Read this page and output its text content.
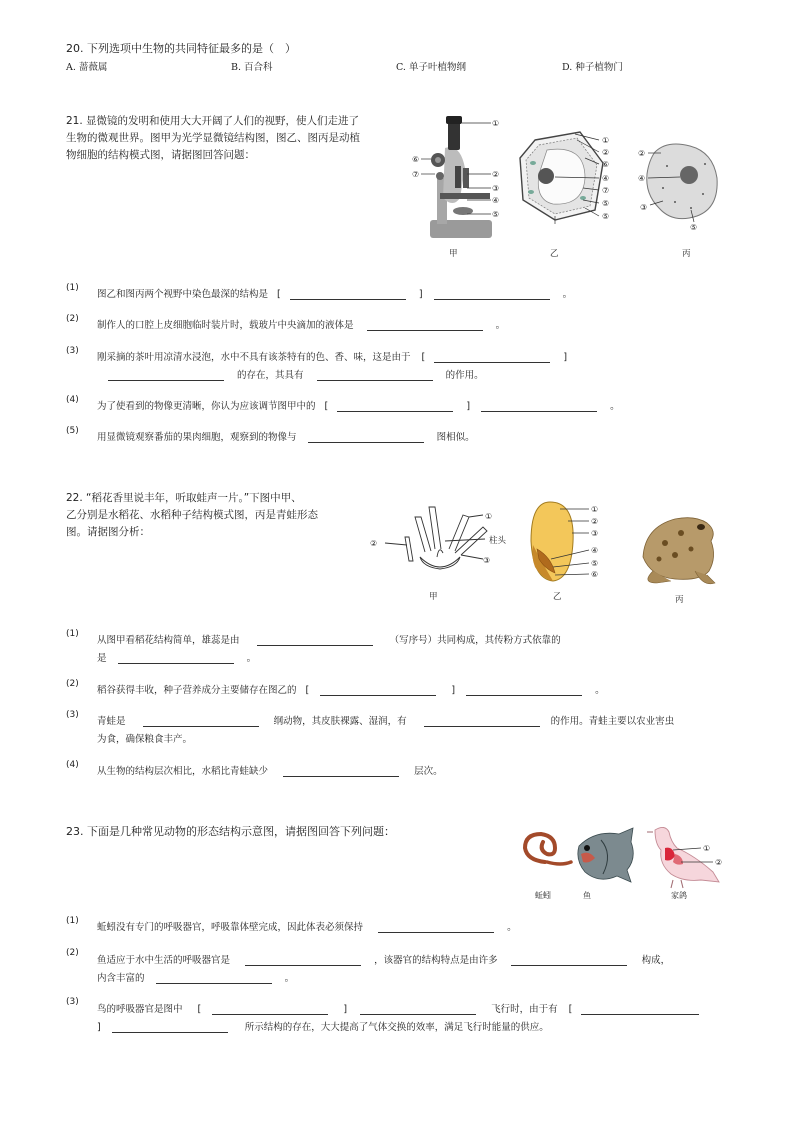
20. 下列选项中生物的共同特征最多的是（　）
A. 蔷薇属	B. 百合科	C. 单子叶植物纲	D. 种子植物门
21. 显微镜的发明和使用大大开阔了人们的视野，使人们走进了
生物的微观世界。图甲为光学显微镜结构图，图乙、图丙是动植
物细胞的结构模式图，请据图回答问题：
①
②
③
④
⑤
⑥
⑦
①
②
⑥
④
⑦
⑤
⑤
②
④
③
⑤
甲	乙	丙
(1)
图乙和图丙两个视野中染色最深的结构是 [	]	。
(2)
制作人的口腔上皮细胞临时装片时，载玻片中央滴加的液体是	。
(3)
刚采摘的茶叶用凉清水浸泡，水中不具有该茶特有的色、香、味，这是由于 [	]
的存在，其具有	的作用。
(4)
为了使看到的物像更清晰，你认为应该调节图甲中的 [	]	。
(5)
用显微镜观察番茄的果肉细胞，观察到的物像与	图相似。
22. “稻花香里说丰年，听取蛙声一片。”下图中甲、
乙分别是水稻花、水稻种子结构模式图，丙是青蛙形态
图。请据图分析：
①
②
③
柱头
①
②
③
④
⑤
⑥
甲	乙	丙
(1)
从图甲看稻花结构简单，雄蕊是由	（写序号）共同构成，其传粉方式依靠的
是	。
(2)
稻谷获得丰收，种子营养成分主要储存在图乙的 [	]	。
(3)
青蛙是	纲动物，其皮肤裸露、湿润，有	的作用。青蛙主要以农业害虫
为食，确保粮食丰产。
(4)
从生物的结构层次相比，水稻比青蛙缺少	层次。
23. 下面是几种常见动物的形态结构示意图，请据图回答下列问题：
①
②
蚯蚓	鱼	家鸽
(1)
蚯蚓没有专门的呼吸器官，呼吸靠体壁完成，因此体表必须保持	。
(2)
鱼适应于水中生活的呼吸器官是	，该器官的结构特点是由许多	构成，
内含丰富的	。
(3)
鸟的呼吸器官是图中 [	]	飞行时，由于有 [
]	所示结构的存在，大大提高了气体交换的效率，满足飞行时能量的供应。
